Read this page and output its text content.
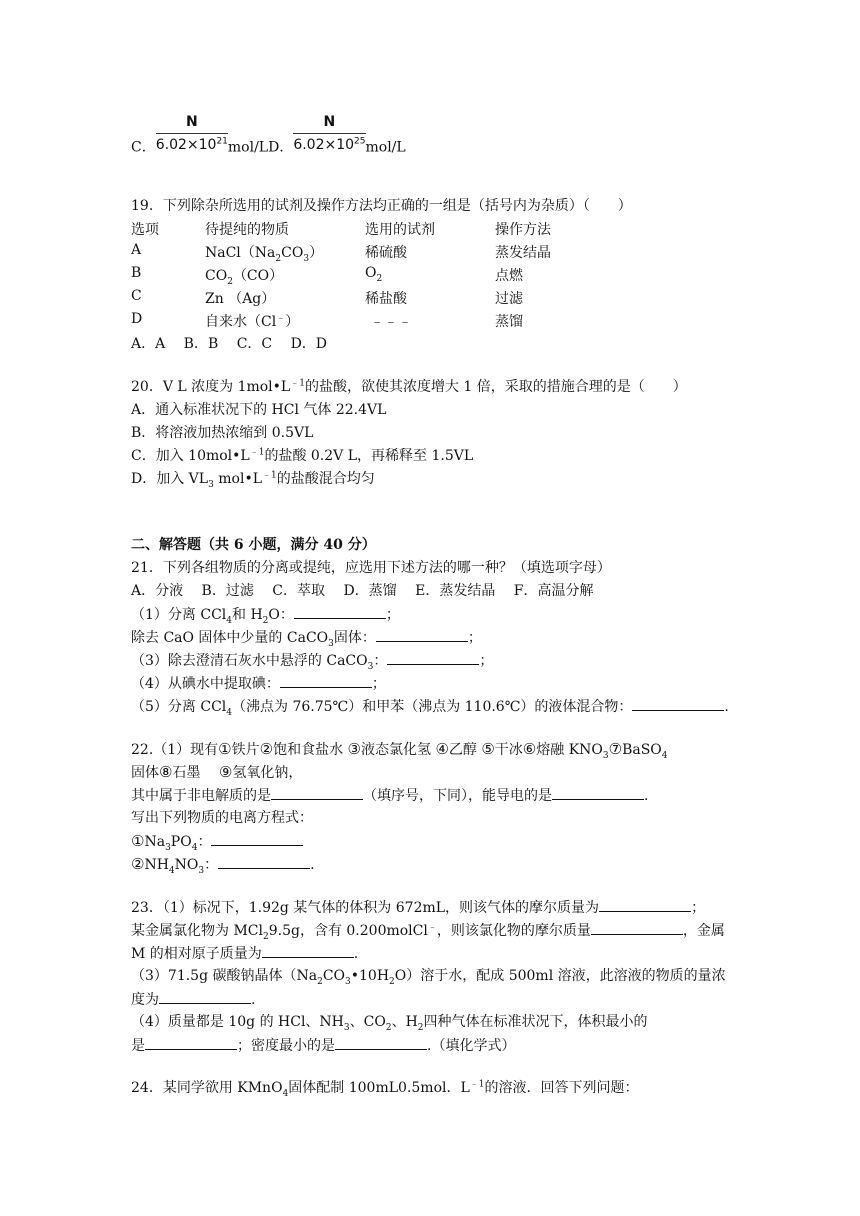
C． $\frac{N}{6.02\times 10^{21}} mol/LD$． $\frac{N}{6.02\times 10^{25}} mol/L$
19．下列除杂所选用的试剂及操作方法均正确的一组是（括号内为杂质）（　　）
选项	待提纯的物质	选用的试剂	操作方法
A	$NaCl(Na_2CO_3)$	稀硫酸	蒸发结晶
B	$CO_2(CO)$	$O_2$	点燃
C	Zn （Ag）	稀盐酸	过滤
D	自来水（Cl﹣）	﹣﹣﹣	蒸馏
A．A　 B．B　 C．C　 D．D
20．V L 浓度为 $1mol•L^{﹣1}$的盐酸，欲使其浓度增大 1 倍，采取的措施合理的是（　　）
A．通入标准状况下的 HCl 气体 22.4VL
B．将溶液加热浓缩到 0.5VL
C．加入 $10mol•L^{﹣1}$的盐酸 0.2V L，再稀释至 1.5VL
D．加入 $VL_3$ $mol•L^{﹣1}$的盐酸混合均匀
二、解答题（共 6 小题，满分 40 分）
21．下列各组物质的分离或提纯，应选用下述方法的哪一种？（填选项字母）
A．分液　 B．过滤　 C．萃取　 D．蒸馏　 E．蒸发结晶　 F．高温分解
（1）分离 CCl$_4$和 $H_2O$：	；
除去 CaO 固体中少量的 CaCO$_3$固体：	；
（3）除去澄清石灰水中悬浮的 CaCO$_3$：	；
（4）从碘水中提取碘：	；
（5）分离 CCl$_4$（沸点为 76.75℃）和甲苯（沸点为 110.6℃）的液体混合物：	.
22.（1）现有①铁片②饱和食盐水 ③液态氯化氢 ④乙醇 ⑤干冰⑥熔融 $KNO_3⑦BaSO_4$
固体⑧石墨　 ⑨氢氧化钠，
其中属于非电解质的是	（填序号，下同），能导电的是	.
写出下列物质的电离方程式：
$①Na_3PO_4$：
$②NH_4NO_3$：	.
23．（1）标况下，1.92g 某气体的体积为 672mL，则该气体的摩尔质量为	；
某金属氯化物为 MCl$_2$9.5g，含有 0.200molCl﹣，则该氯化物的摩尔质量	，金属
M 的相对原子质量为	.
（3）71.5g 碳酸钠晶体$(Na_2CO_3•10H_2O)$溶于水，配成 500ml 溶液，此溶液的物质的量浓
度为	.
（4）质量都是 10g 的 HCl、$NH_3$、$CO_2$、$H_2$四种气体在标准状况下，体积最小的
是	；密度最小的是	.（填化学式）
24．某同学欲用 KMnO$_4$固体配制 100mL0.5mol．$L^{﹣1}$的溶液．回答下列问题：
